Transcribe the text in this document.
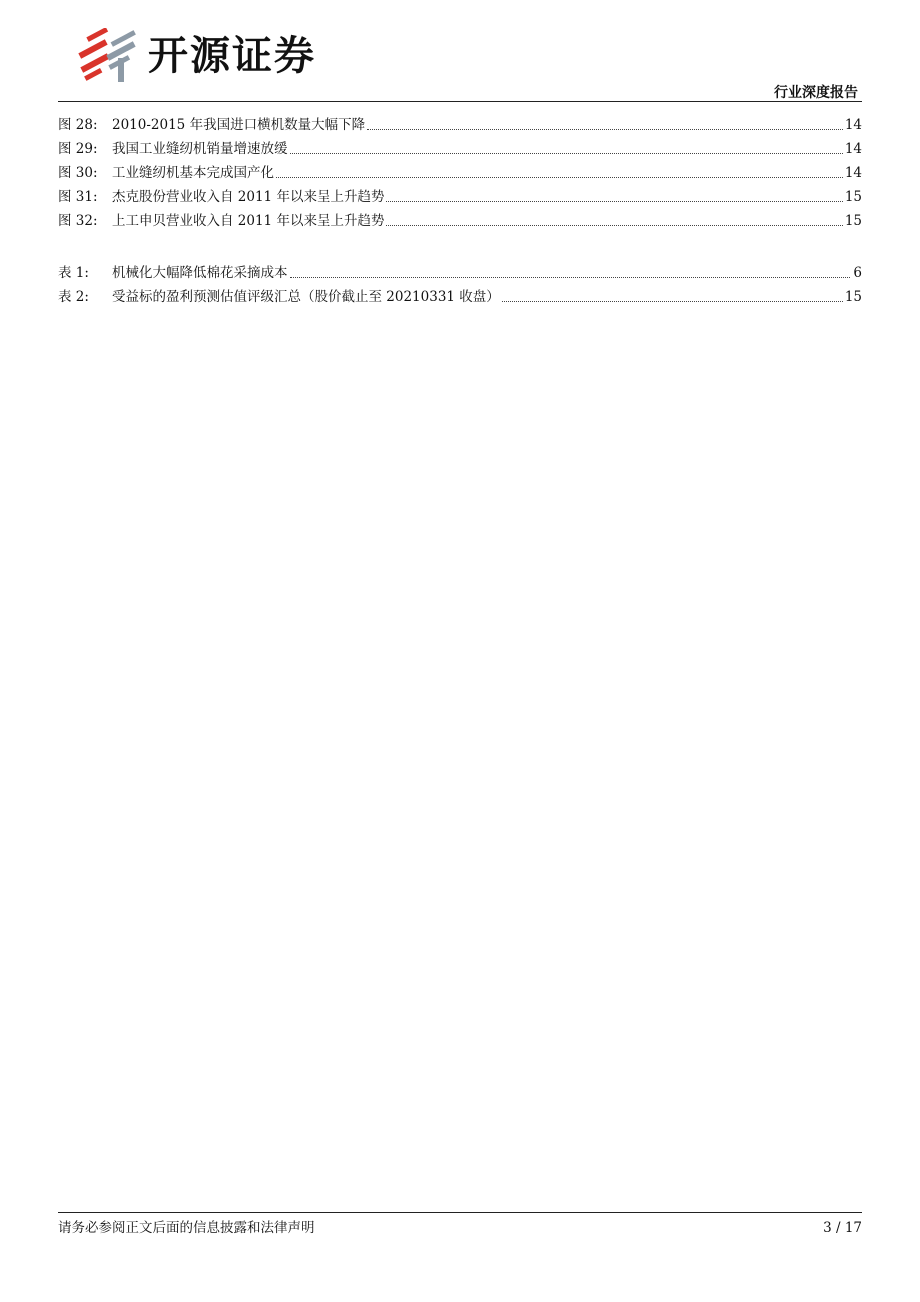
开源证券
行业深度报告
图 28:	2010-2015 年我国进口横机数量大幅下降	14
图 29:	我国工业缝纫机销量增速放缓	14
图 30:	工业缝纫机基本完成国产化	14
图 31:	杰克股份营业收入自 2011 年以来呈上升趋势	15
图 32:	上工申贝营业收入自 2011 年以来呈上升趋势	15
表 1:	机械化大幅降低棉花采摘成本	6
表 2:	受益标的盈利预测估值评级汇总（股价截止至 20210331 收盘）	15
请务必参阅正文后面的信息披露和法律声明	3 / 17
